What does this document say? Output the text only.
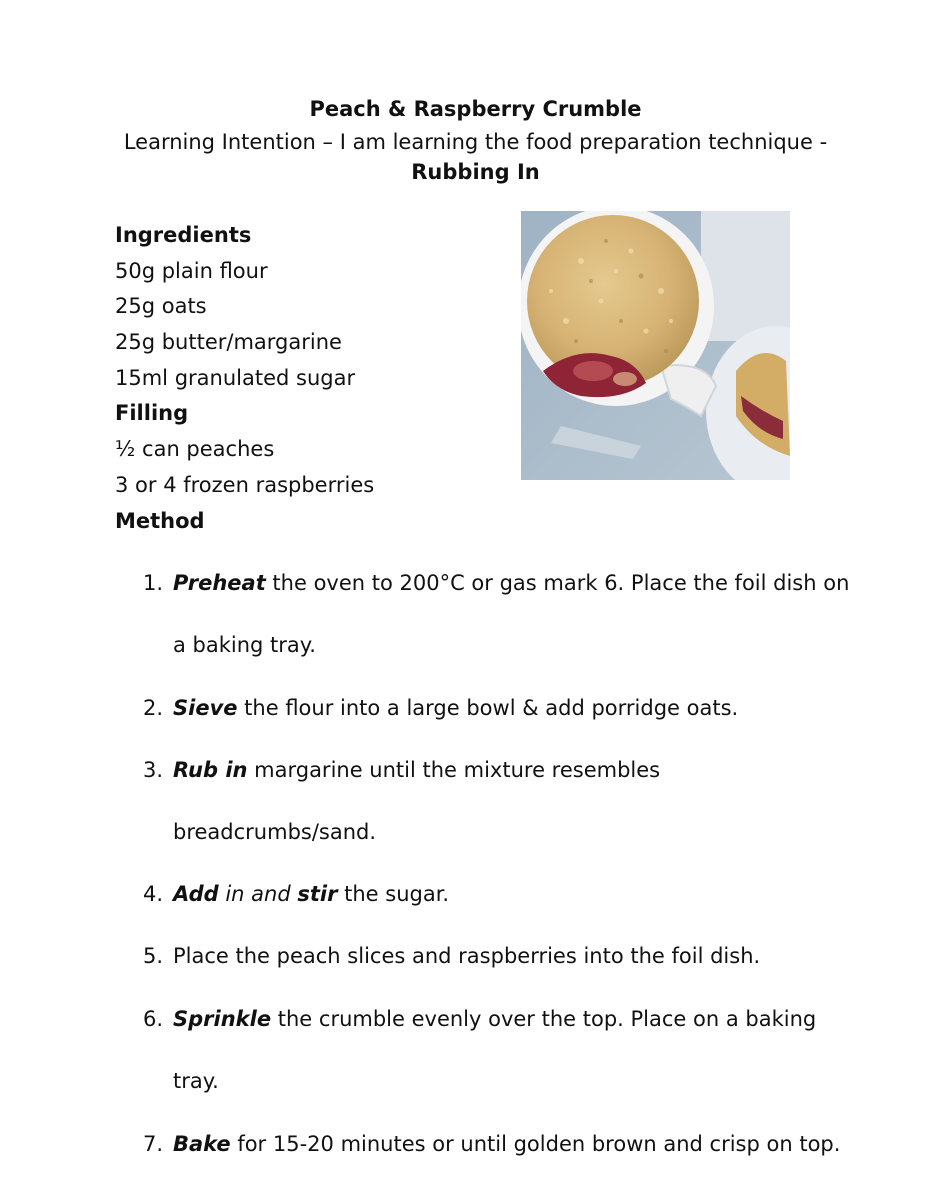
Peach & Raspberry Crumble
Learning Intention – I am learning the food preparation technique -
Rubbing In
Ingredients
50g plain flour
25g oats
25g butter/margarine
15ml granulated sugar
Filling
½ can peaches
3 or 4 frozen raspberries
Method
1. Preheat the oven to 200°C or gas mark 6. Place the foil dish on
a baking tray.
2. Sieve the flour into a large bowl & add porridge oats.
3. Rub in margarine until the mixture resembles
breadcrumbs/sand.
4. Add in and stir the sugar.
5. Place the peach slices and raspberries into the foil dish.
6. Sprinkle the crumble evenly over the top. Place on a baking
tray.
7. Bake for 15-20 minutes or until golden brown and crisp on top.
